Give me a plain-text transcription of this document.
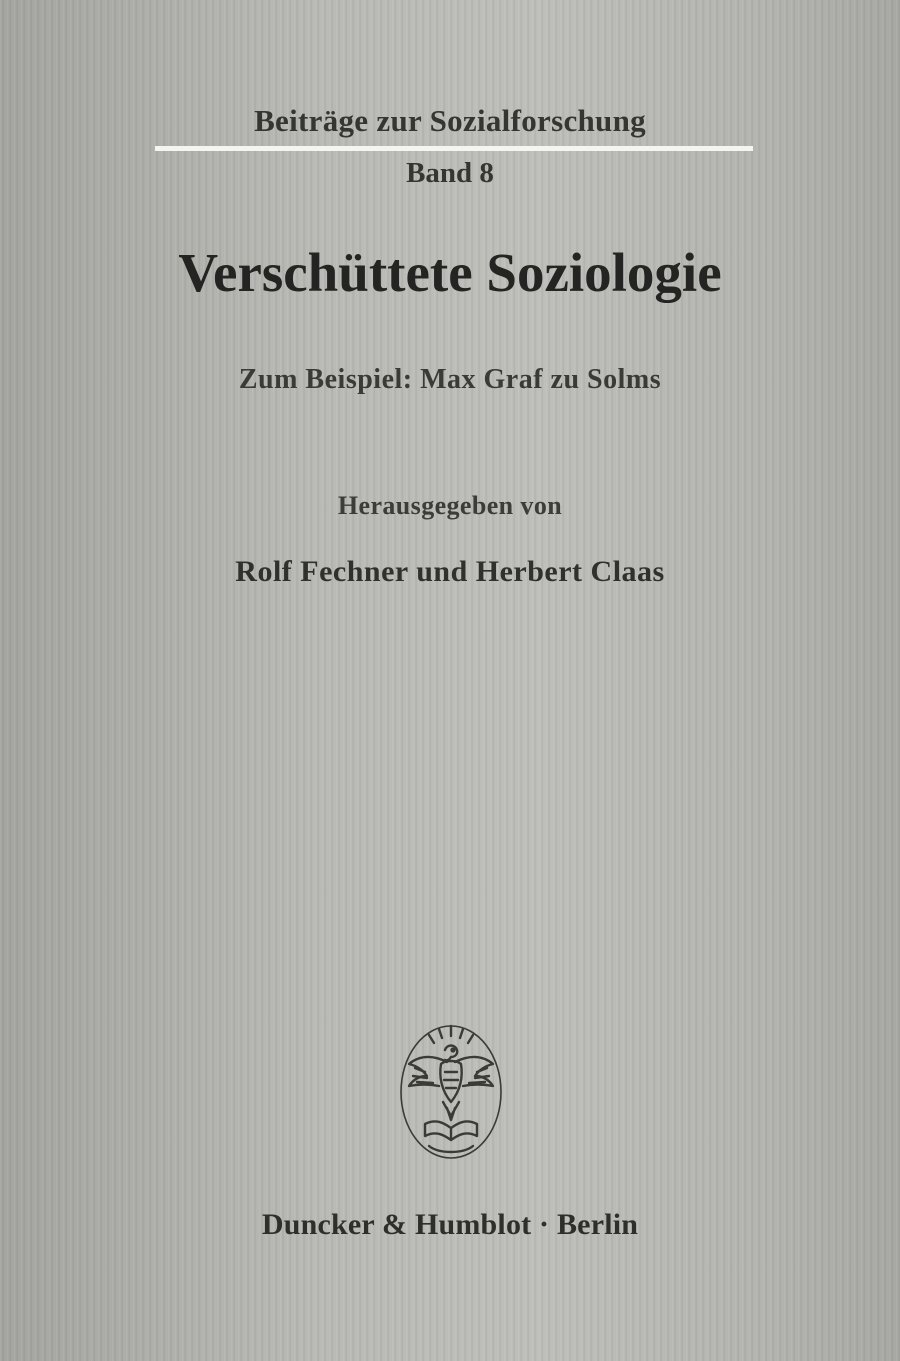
Beiträge zur Sozialforschung
Band 8
Verschüttete Soziologie
Zum Beispiel: Max Graf zu Solms
Herausgegeben von
Rolf Fechner und Herbert Claas
Duncker & Humblot · Berlin
